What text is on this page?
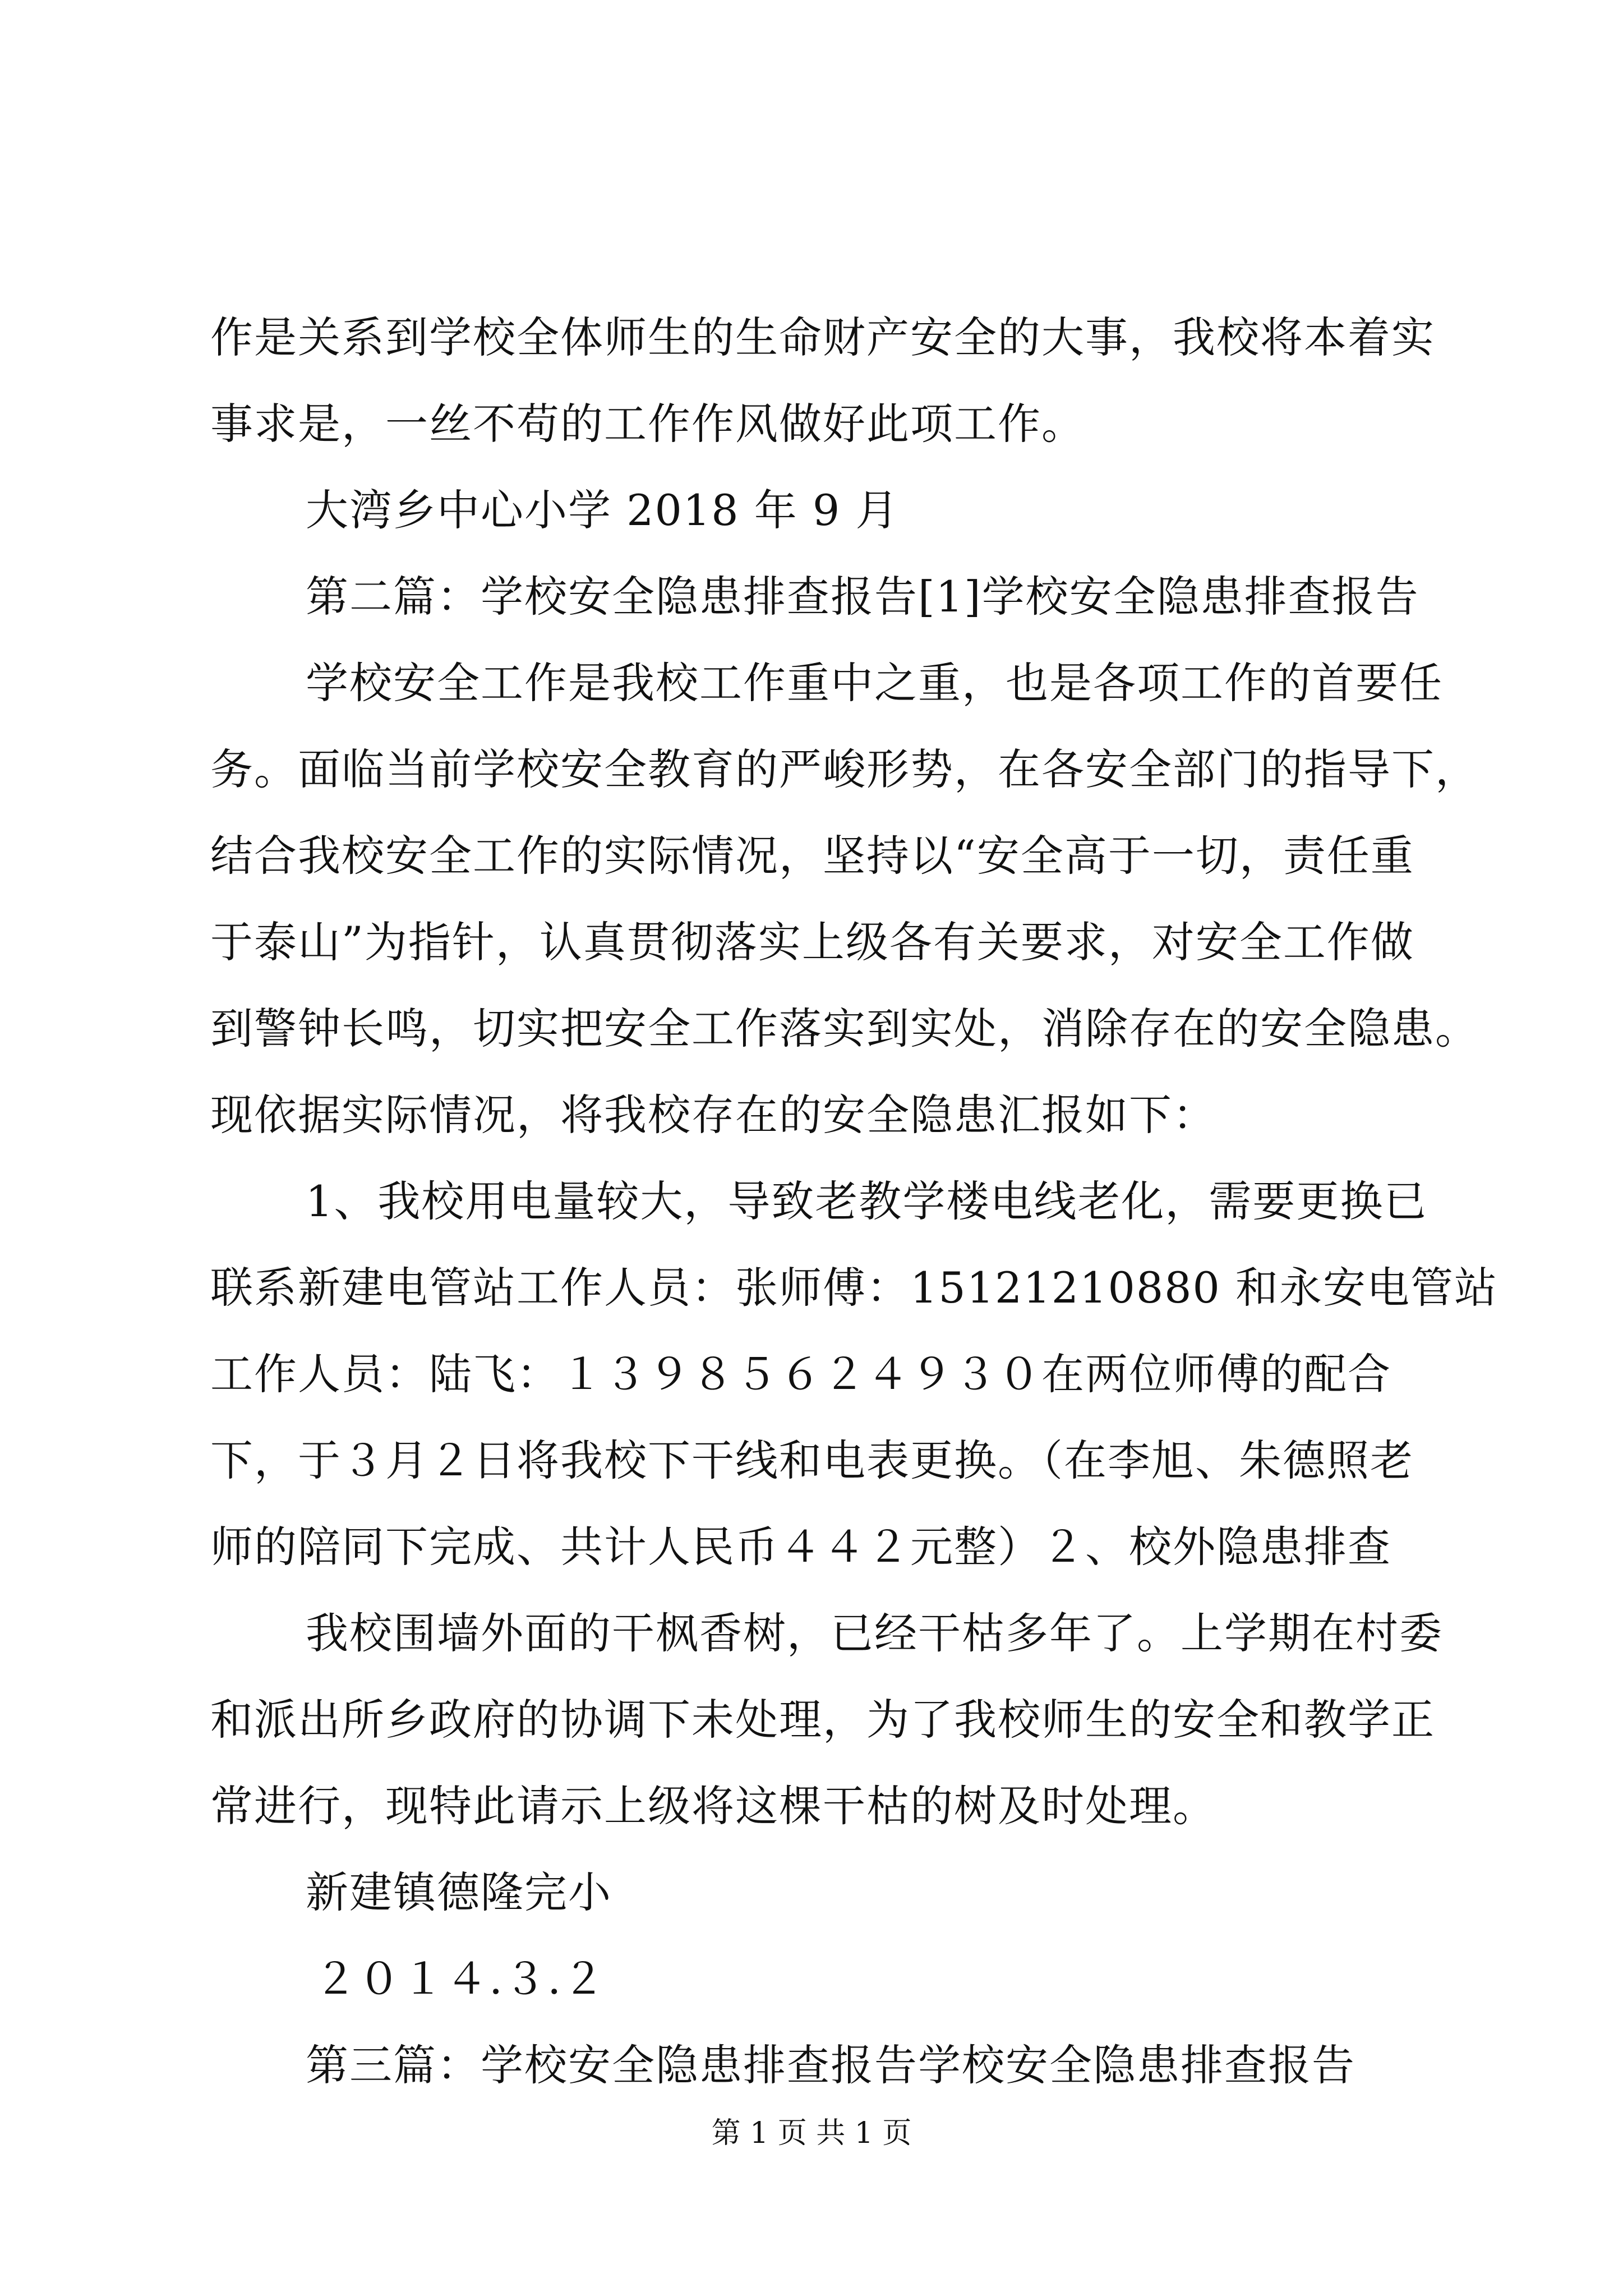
作是关系到学校全体师生的生命财产安全的大事，我校将本着实
事求是，一丝不苟的工作作风做好此项工作。
大湾乡中心小学 2018 年 9 月
第二篇：学校安全隐患排查报告[1]学校安全隐患排查报告
学校安全工作是我校工作重中之重，也是各项工作的首要任
务。面临当前学校安全教育的严峻形势，在各安全部门的指导下，
结合我校安全工作的实际情况，坚持以“安全高于一切，责任重
于泰山”为指针，认真贯彻落实上级各有关要求，对安全工作做
到警钟长鸣，切实把安全工作落实到实处，消除存在的安全隐患。
现依据实际情况，将我校存在的安全隐患汇报如下：
1、我校用电量较大，导致老教学楼电线老化，需要更换已
联系新建电管站工作人员：张师傅：15121210880 和永安电管站
工作人员：陆飞：１３９８５６２４９３０在两位师傅的配合
下，于３月２日将我校下干线和电表更换。（在李旭、朱德照老
师的陪同下完成、共计人民币４４２元整）２、校外隐患排查
我校围墙外面的干枫香树，已经干枯多年了。上学期在村委
和派出所乡政府的协调下未处理，为了我校师生的安全和教学正
常进行，现特此请示上级将这棵干枯的树及时处理。
新建镇德隆完小
２０１４.３.２
第三篇：学校安全隐患排查报告学校安全隐患排查报告
第 1 页 共 1 页
